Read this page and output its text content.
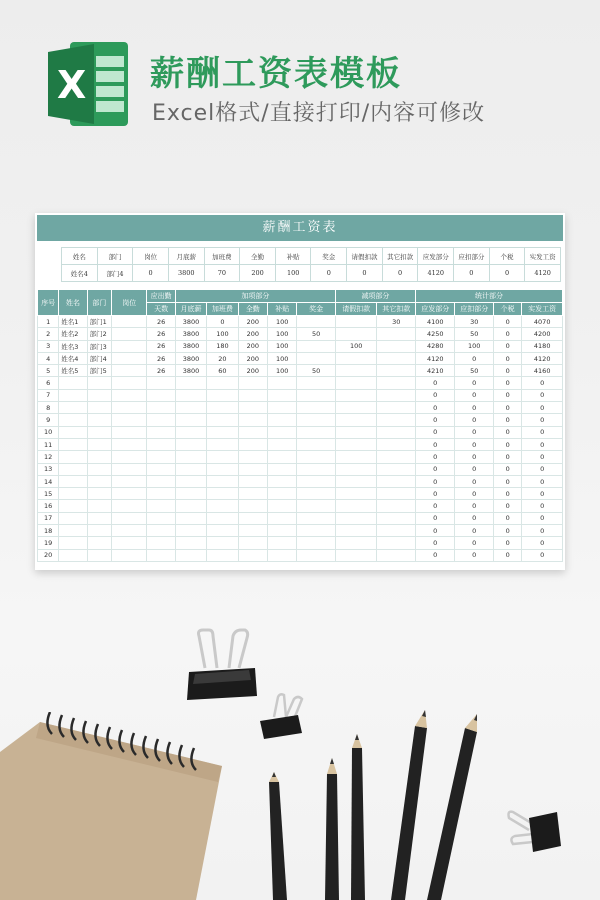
X 薪酬工资表模板
Excel格式/直接打印/内容可修改
薪酬工资表
姓名	部门	岗位	月底薪	加班费	全勤	补贴	奖金	请假扣款	其它扣款	应发部分	应扣部分	个税	实发工资
姓名4	部门4	0	3800	70	200	100	0	0	0	4120	0	0	4120
序号	姓名	部门	岗位	应出勤	加项部分					减项部分		统计部分			
				天数	月底薪	加班费	全勤	补贴	奖金	请假扣款	其它扣款	应发部分	应扣部分	个税	实发工资
1	姓名1	部门1		26	3800	0	200	100			30	4100	30	0	4070
2	姓名2	部门2		26	3800	100	200	100	50			4250	50	0	4200
3	姓名3	部门3		26	3800	180	200	100		100		4280	100	0	4180
4	姓名4	部门4		26	3800	20	200	100				4120	0	0	4120
5	姓名5	部门5		26	3800	60	200	100	50			4210	50	0	4160
6												0	0	0	0
7												0	0	0	0
8												0	0	0	0
9												0	0	0	0
10												0	0	0	0
11												0	0	0	0
12												0	0	0	0
13												0	0	0	0
14												0	0	0	0
15												0	0	0	0
16												0	0	0	0
17												0	0	0	0
18												0	0	0	0
19												0	0	0	0
20												0	0	0	0
